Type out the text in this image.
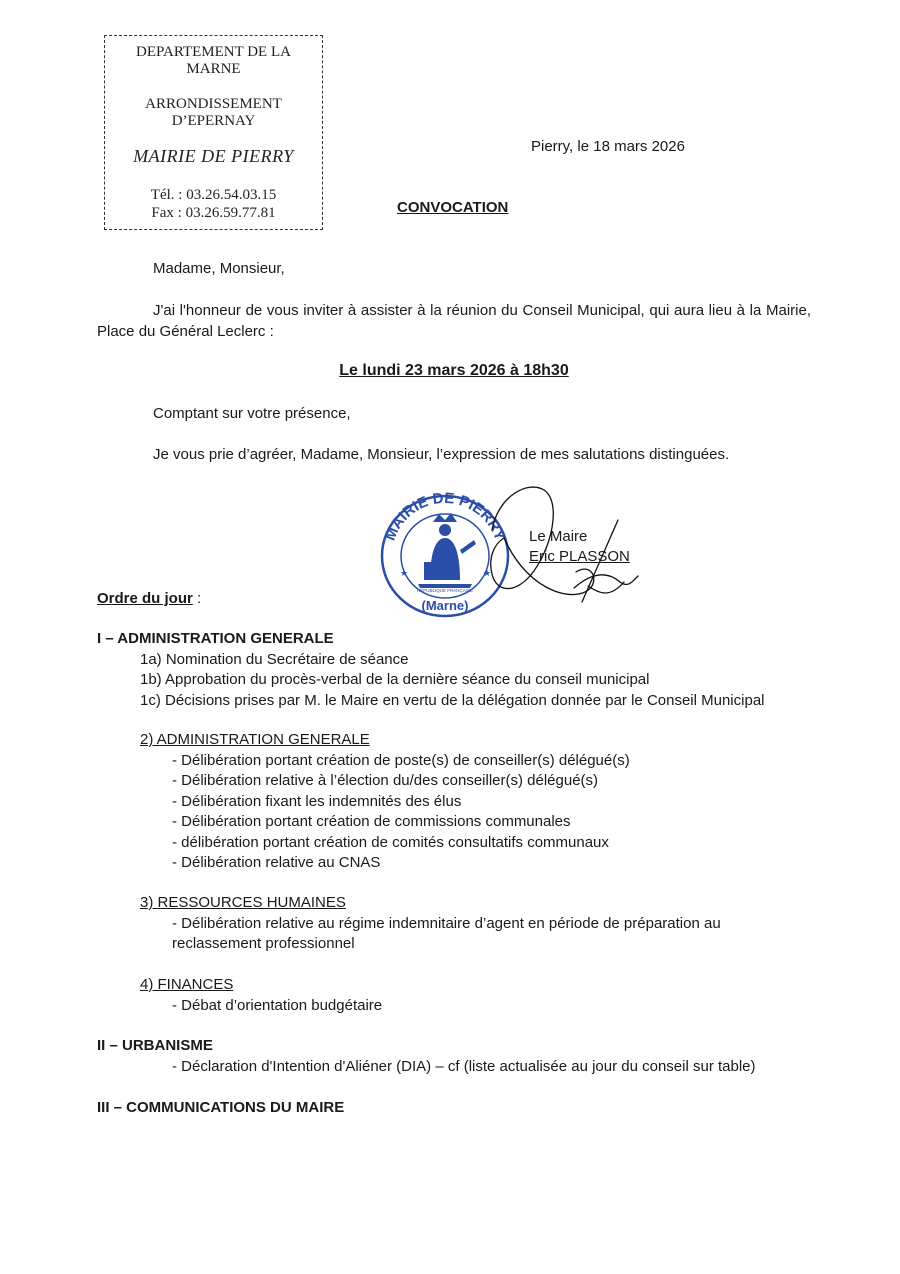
DEPARTEMENT DE LA
MARNE
ARRONDISSEMENT
D’EPERNAY
MAIRIE DE PIERRY
Tél. : 03.26.54.03.15
Fax : 03.26.59.77.81
Pierry, le 18 mars 2026
CONVOCATION
Madame, Monsieur,
J'ai l'honneur de vous inviter à assister à la réunion du Conseil Municipal, qui aura lieu à la Mairie, Place du Général Leclerc :
Le lundi 23 mars 2026 à 18h30
Comptant sur votre présence,
Je vous prie d’agréer, Madame, Monsieur, l’expression de mes salutations distinguées.
MAIRIE DE PIERRY
RÉPUBLIQUE FRANÇAISE
★	★
(Marne)
Le Maire
Eric PLASSON
Ordre du jour :
I – ADMINISTRATION GENERALE
1a) Nomination du Secrétaire de séance
1b) Approbation du procès-verbal de la dernière séance du conseil municipal
1c) Décisions prises par M. le Maire en vertu de la délégation donnée par le Conseil Municipal
2) ADMINISTRATION GENERALE
- Délibération portant création de poste(s) de conseiller(s) délégué(s)
- Délibération relative à l’élection du/des conseiller(s) délégué(s)
- Délibération fixant les indemnités des élus
- Délibération portant création de commissions communales
- délibération portant création de comités consultatifs communaux
- Délibération relative au CNAS
3) RESSOURCES HUMAINES
- Délibération relative au régime indemnitaire d’agent en période de préparation au
reclassement professionnel
4) FINANCES
- Débat d’orientation budgétaire
II – URBANISME
- Déclaration d'Intention d'Aliéner (DIA) – cf (liste actualisée au jour du conseil sur table)
III – COMMUNICATIONS DU MAIRE
